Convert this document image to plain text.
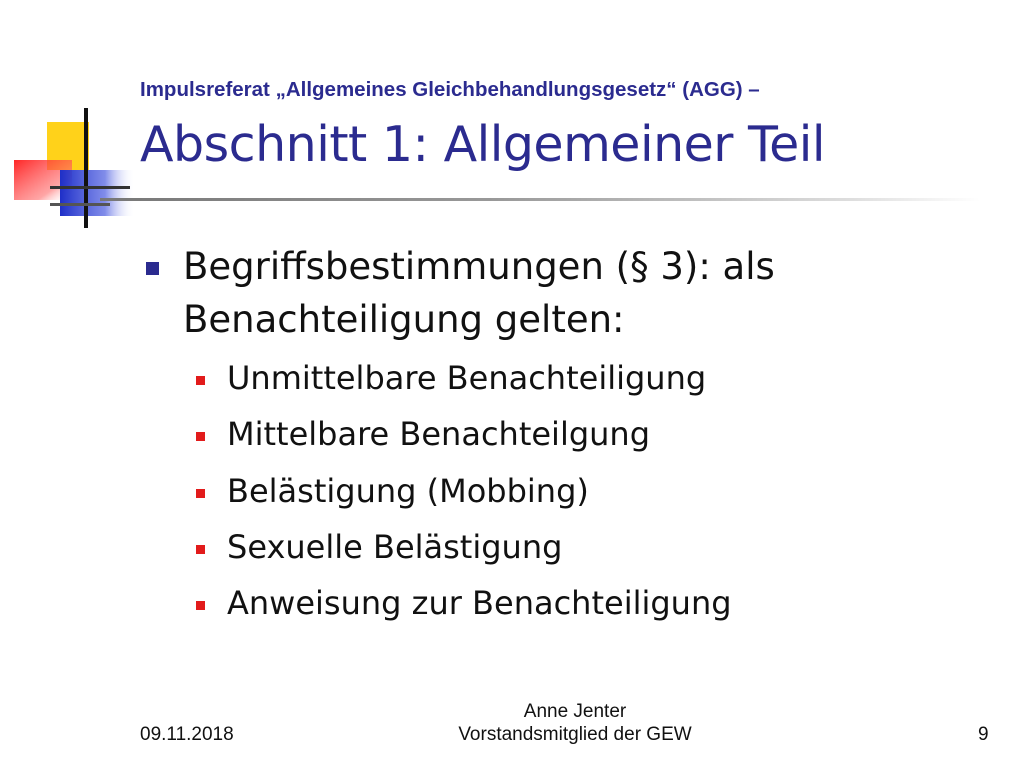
Impulsreferat „Allgemeines Gleichbehandlungsgesetz“ (AGG) –
Abschnitt 1: Allgemeiner Teil
Begriffsbestimmungen (§ 3): als Benachteiligung gelten:
Unmittelbare Benachteiligung
Mittelbare Benachteilgung
Belästigung (Mobbing)
Sexuelle Belästigung
Anweisung zur Benachteiligung
09.11.2018
Anne Jenter
Vorstandsmitglied der GEW	9
